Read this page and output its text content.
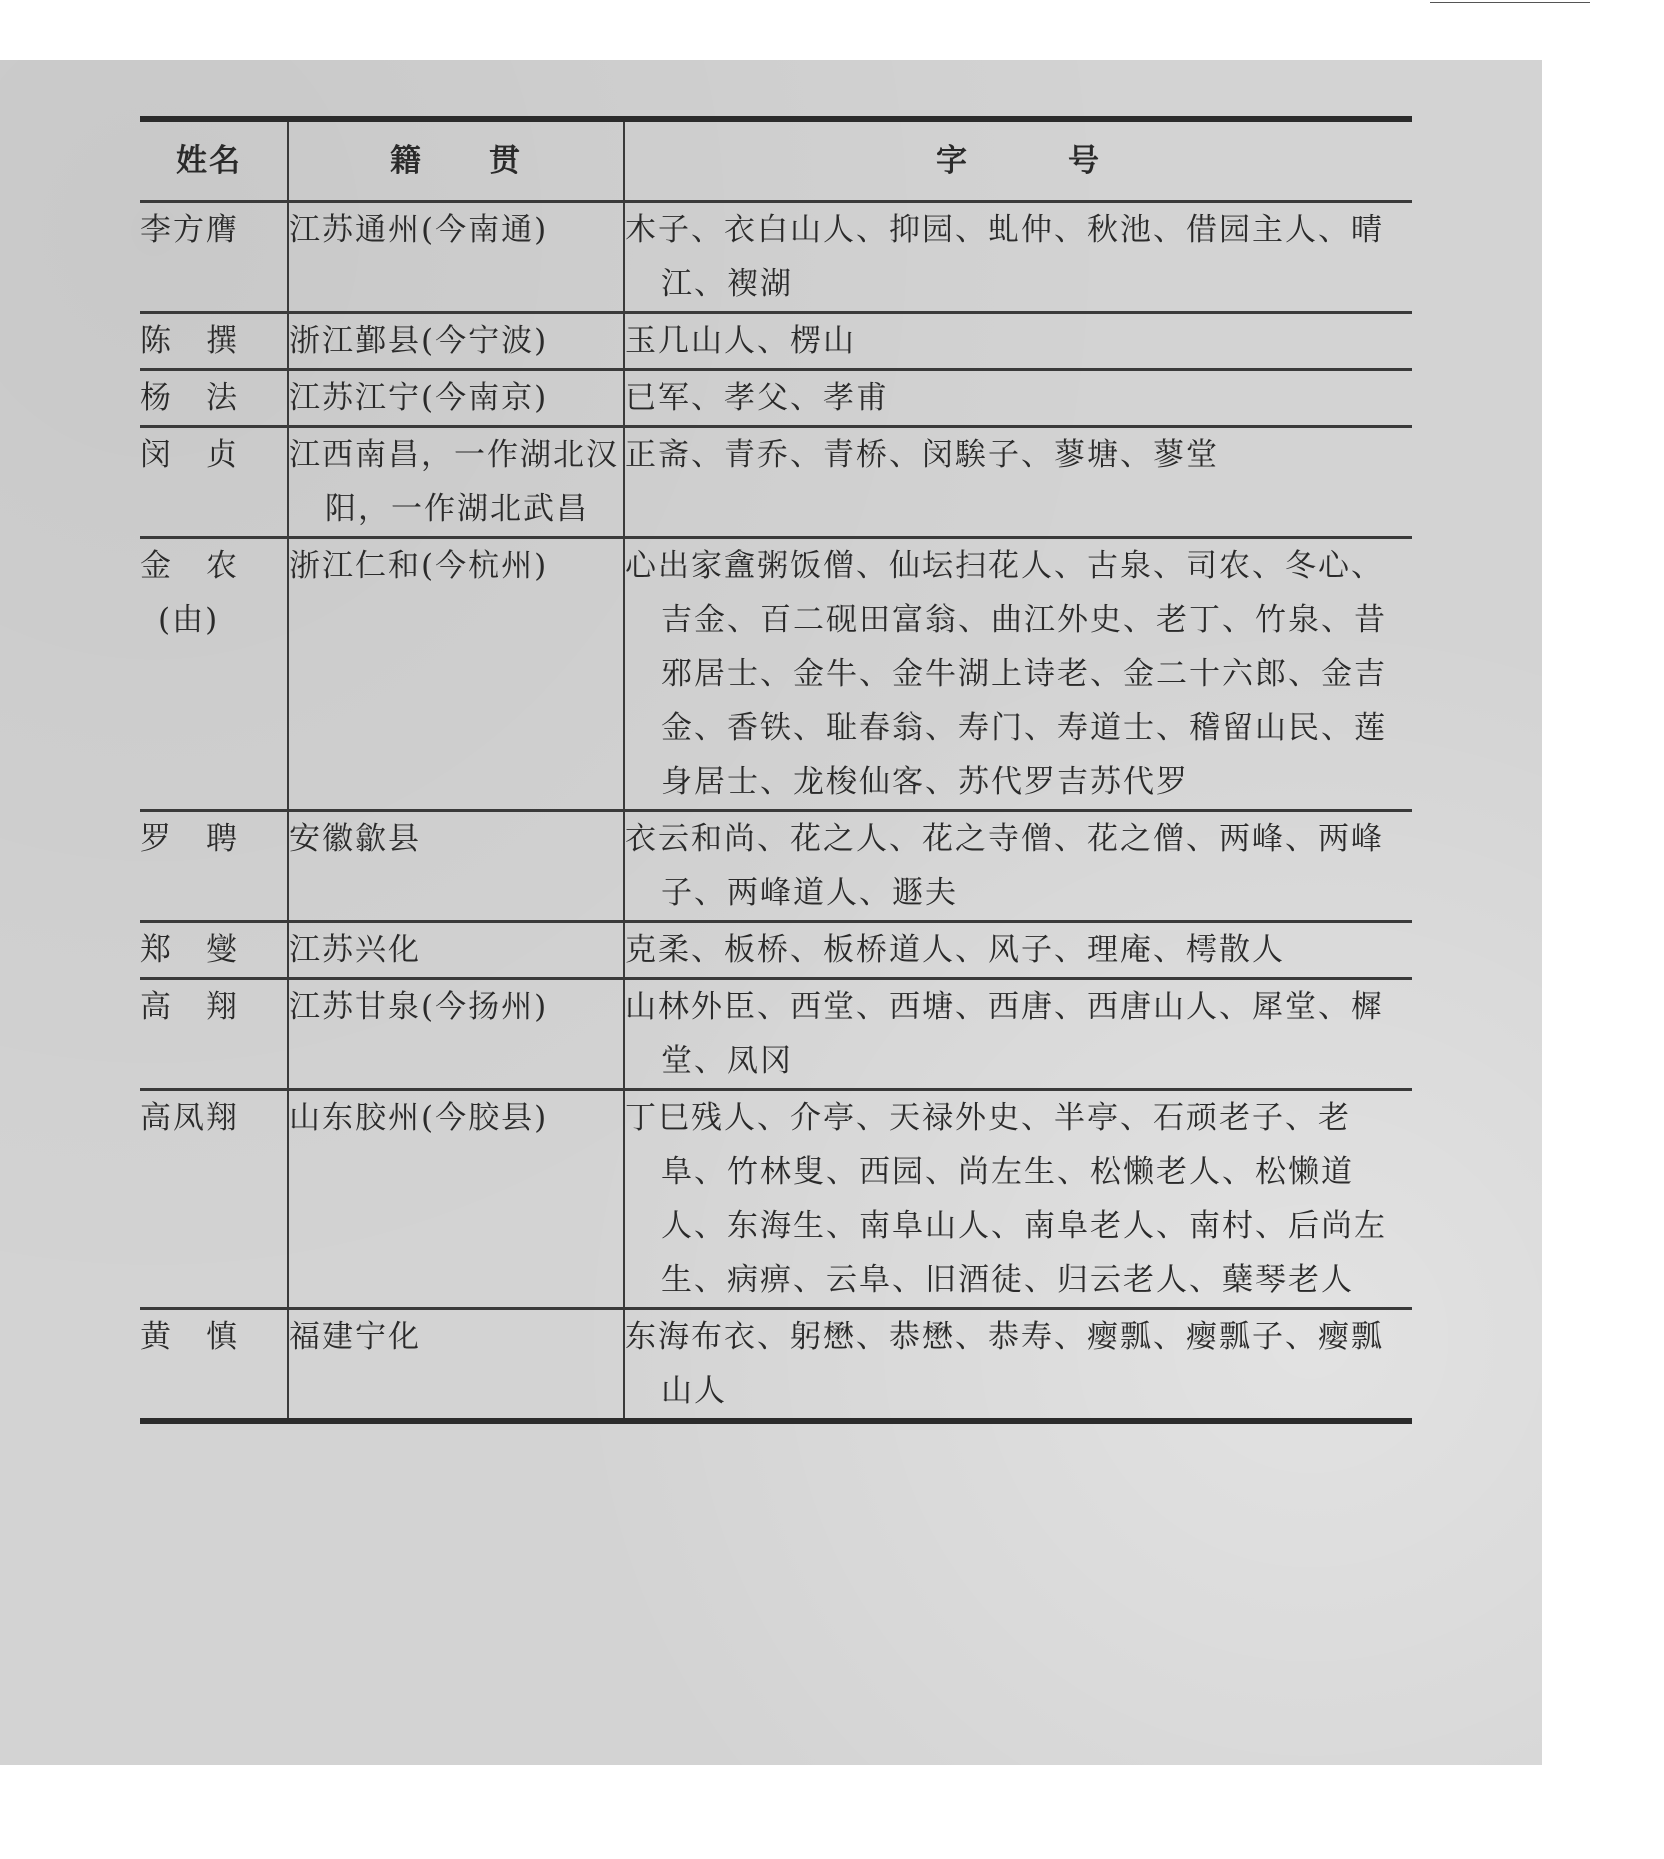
姓名	籍　　贯	字　　　号

李方膺	江苏通州(今南通)	木子、衣白山人、抑园、虬仲、秋池、借园主人、晴江、褉湖

陈　撰	浙江鄞县(今宁波)	玉几山人、楞山

杨　法	江苏江宁(今南京)	已军、孝父、孝甫

闵　贞	江西南昌，一作湖北汉阳，一作湖北武昌	正斋、青乔、青桥、闵騃子、蓼塘、蓼堂

金　农
(由)	浙江仁和(今杭州)	心出家盦粥饭僧、仙坛扫花人、古泉、司农、冬心、吉金、百二砚田富翁、曲江外史、老丁、竹泉、昔邪居士、金牛、金牛湖上诗老、金二十六郎、金吉金、香铁、耻春翁、寿门、寿道士、稽留山民、莲身居士、龙梭仙客、苏代罗吉苏代罗

罗　聘	安徽歙县	衣云和尚、花之人、花之寺僧、花之僧、两峰、两峰子、两峰道人、遯夫

郑　燮	江苏兴化	克柔、板桥、板桥道人、风子、理庵、樗散人

高　翔	江苏甘泉(今扬州)	山林外臣、西堂、西塘、西唐、西唐山人、犀堂、樨堂、凤冈

高凤翔	山东胶州(今胶县)	丁巳残人、介亭、天禄外史、半亭、石顽老子、老阜、竹林叟、西园、尚左生、松懒老人、松懒道人、东海生、南阜山人、南阜老人、南村、后尚左生、病痹、云阜、旧酒徒、归云老人、蘖琴老人

黄　慎	福建宁化	东海布衣、躬懋、恭懋、恭寿、瘿瓢、瘿瓢子、瘿瓢山人
